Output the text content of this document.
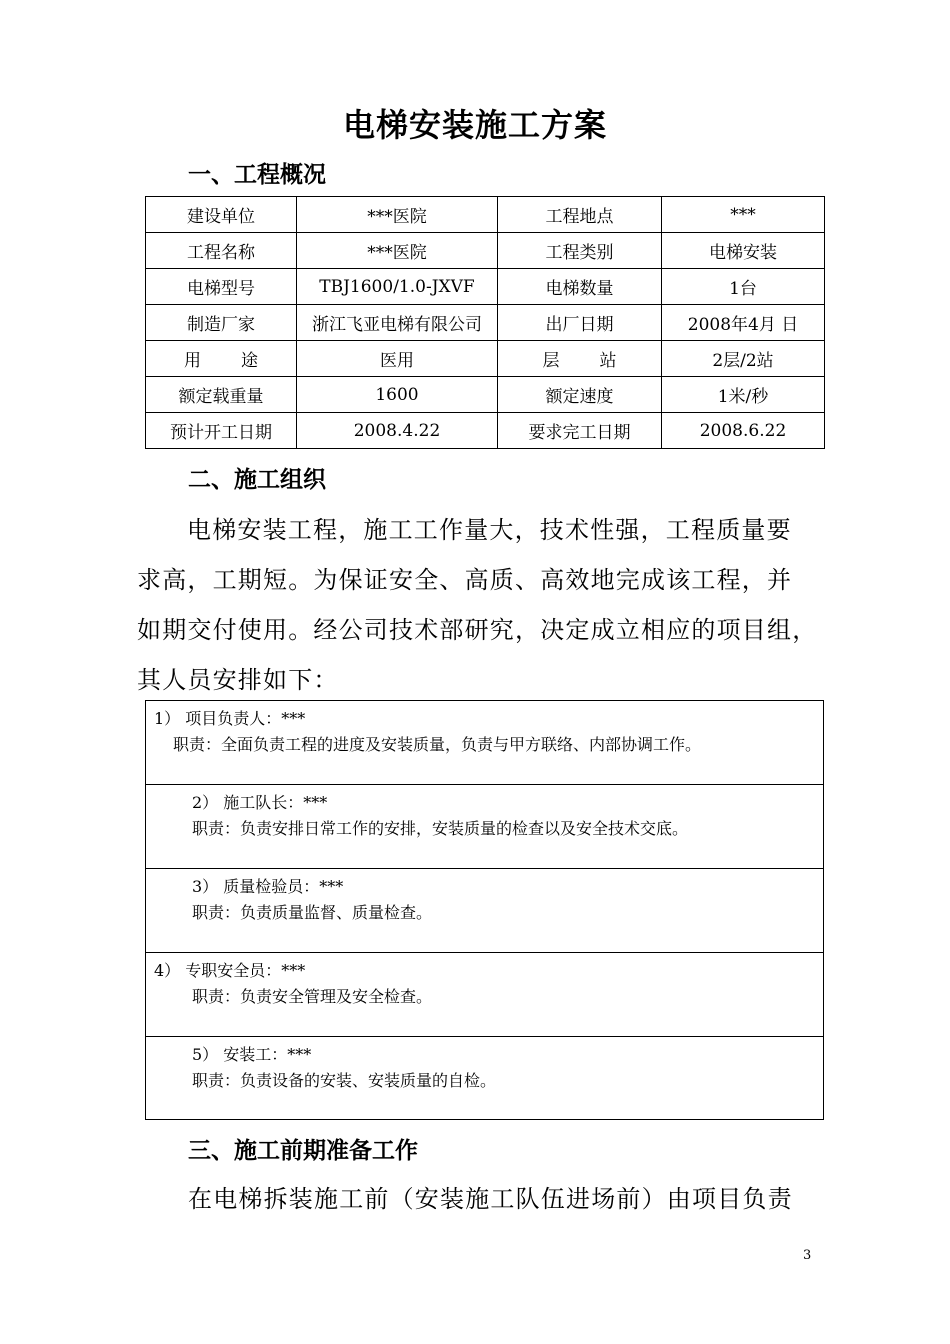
电梯安装施工方案
一、工程概况
建设单位	***医院	工程地点	***
工程名称	***医院	工程类别	电梯安装
电梯型号	TBJ1600/1.0-JXVF	电梯数量	1台
制造厂家	浙江飞亚电梯有限公司	出厂日期	2008年4月 日
用 途	医用	层 站	2层/2站
额定载重量	1600	额定速度	1米/秒
预计开工日期	2008.4.22	要求完工日期	2008.6.22
二、施工组织
电梯安装工程，施工工作量大，技术性强，工程质量要
求高，工期短。为保证安全、高质、高效地完成该工程，并
如期交付使用。经公司技术部研究，决定成立相应的项目组，
其人员安排如下：
1） 项目负责人：***
职责：全面负责工程的进度及安装质量，负责与甲方联络、内部协调工作。
2） 施工队长：***
职责：负责安排日常工作的安排，安装质量的检查以及安全技术交底。
3） 质量检验员：***
职责：负责质量监督、质量检查。
4） 专职安全员：***
职责：负责安全管理及安全检查。
5） 安装工：***
职责：负责设备的安装、安装质量的自检。
三、施工前期准备工作
在电梯拆装施工前（安装施工队伍进场前）由项目负责
3
